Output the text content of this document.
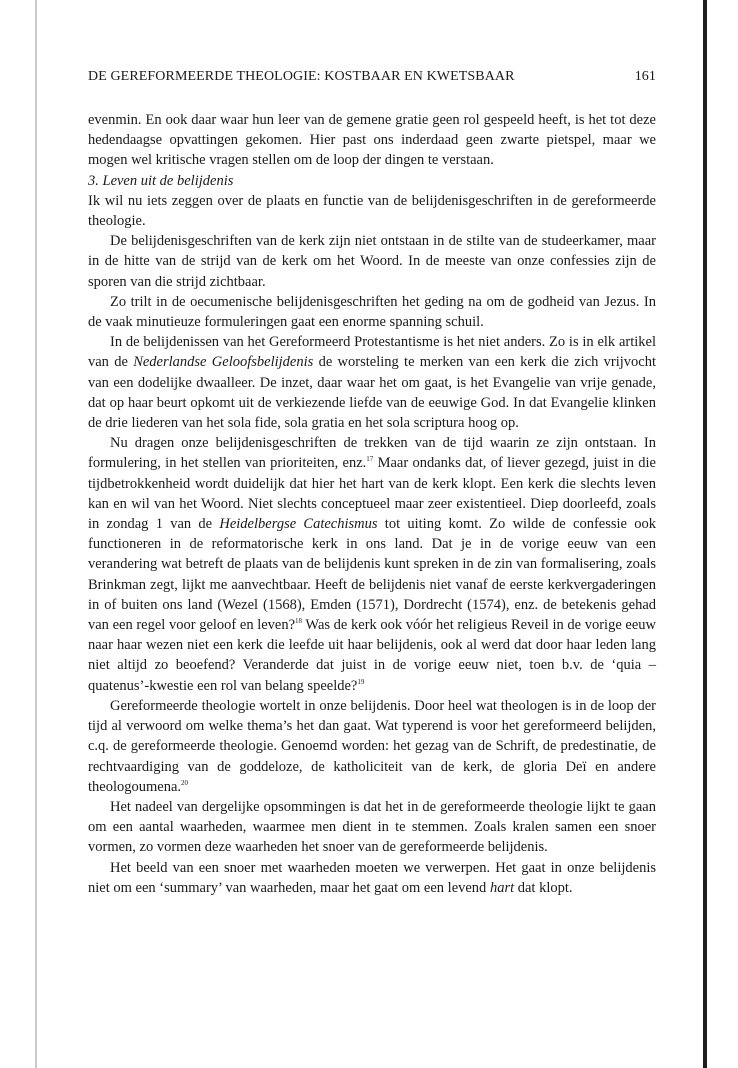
DE GEREFORMEERDE THEOLOGIE: KOSTBAAR EN KWETSBAAR	161

evenmin. En ook daar waar hun leer van de gemene gratie geen rol gespeeld heeft, is het tot deze hedendaagse opvattingen gekomen. Hier past ons inderdaad geen zwarte pietspel, maar we mogen wel kritische vragen stellen om de loop der dingen te verstaan.

3. Leven uit de belijdenis

Ik wil nu iets zeggen over de plaats en functie van de belijdenisgeschriften in de gereformeerde theologie.

De belijdenisgeschriften van de kerk zijn niet ontstaan in de stilte van de studeerkamer, maar in de hitte van de strijd van de kerk om het Woord. In de meeste van onze confessies zijn de sporen van die strijd zichtbaar.

Zo trilt in de oecumenische belijdenisgeschriften het geding na om de godheid van Jezus. In de vaak minutieuze formuleringen gaat een enorme spanning schuil.

In de belijdenissen van het Gereformeerd Protestantisme is het niet anders. Zo is in elk artikel van de Nederlandse Geloofsbelijdenis de worsteling te merken van een kerk die zich vrijvocht van een dodelijke dwaalleer. De inzet, daar waar het om gaat, is het Evangelie van vrije genade, dat op haar beurt opkomt uit de verkiezende liefde van de eeuwige God. In dat Evangelie klinken de drie liederen van het sola fide, sola gratia en het sola scriptura hoog op.

Nu dragen onze belijdenisgeschriften de trekken van de tijd waarin ze zijn ontstaan. In formulering, in het stellen van prioriteiten, enz.$^{17}$ Maar ondanks dat, of liever gezegd, juist in die tijdbetrokkenheid wordt duidelijk dat hier het hart van de kerk klopt. Een kerk die slechts leven kan en wil van het Woord. Niet slechts conceptueel maar zeer existentieel. Diep doorleefd, zoals in zondag 1 van de Heidelbergse Catechismus tot uiting komt. Zo wilde de confessie ook functioneren in de reformatorische kerk in ons land. Dat je in de vorige eeuw van een verandering wat betreft de plaats van de belijdenis kunt spreken in de zin van formalisering, zoals Brinkman zegt, lijkt me aanvechtbaar. Heeft de belijdenis niet vanaf de eerste kerkvergaderingen in of buiten ons land (Wezel (1568), Emden (1571), Dordrecht (1574), enz. de betekenis gehad van een regel voor geloof en leven?$^{18}$ Was de kerk ook vóór het religieus Reveil in de vorige eeuw naar haar wezen niet een kerk die leefde uit haar belijdenis, ook al werd dat door haar leden lang niet altijd zo beoefend? Veranderde dat juist in de vorige eeuw niet, toen b.v. de ‘quia – quatenus’-kwestie een rol van belang speelde?$^{19}$

Gereformeerde theologie wortelt in onze belijdenis. Door heel wat theologen is in de loop der tijd al verwoord om welke thema’s het dan gaat. Wat typerend is voor het gereformeerd belijden, c.q. de gereformeerde theologie. Genoemd worden: het gezag van de Schrift, de predestinatie, de rechtvaardiging van de goddeloze, de katholiciteit van de kerk, de gloria Deï en andere theologoumena.$^{20}$

Het nadeel van dergelijke opsommingen is dat het in de gereformeerde theologie lijkt te gaan om een aantal waarheden, waarmee men dient in te stemmen. Zoals kralen samen een snoer vormen, zo vormen deze waarheden het snoer van de gereformeerde belijdenis.

Het beeld van een snoer met waarheden moeten we verwerpen. Het gaat in onze belijdenis niet om een ‘summary’ van waarheden, maar het gaat om een levend hart dat klopt.
